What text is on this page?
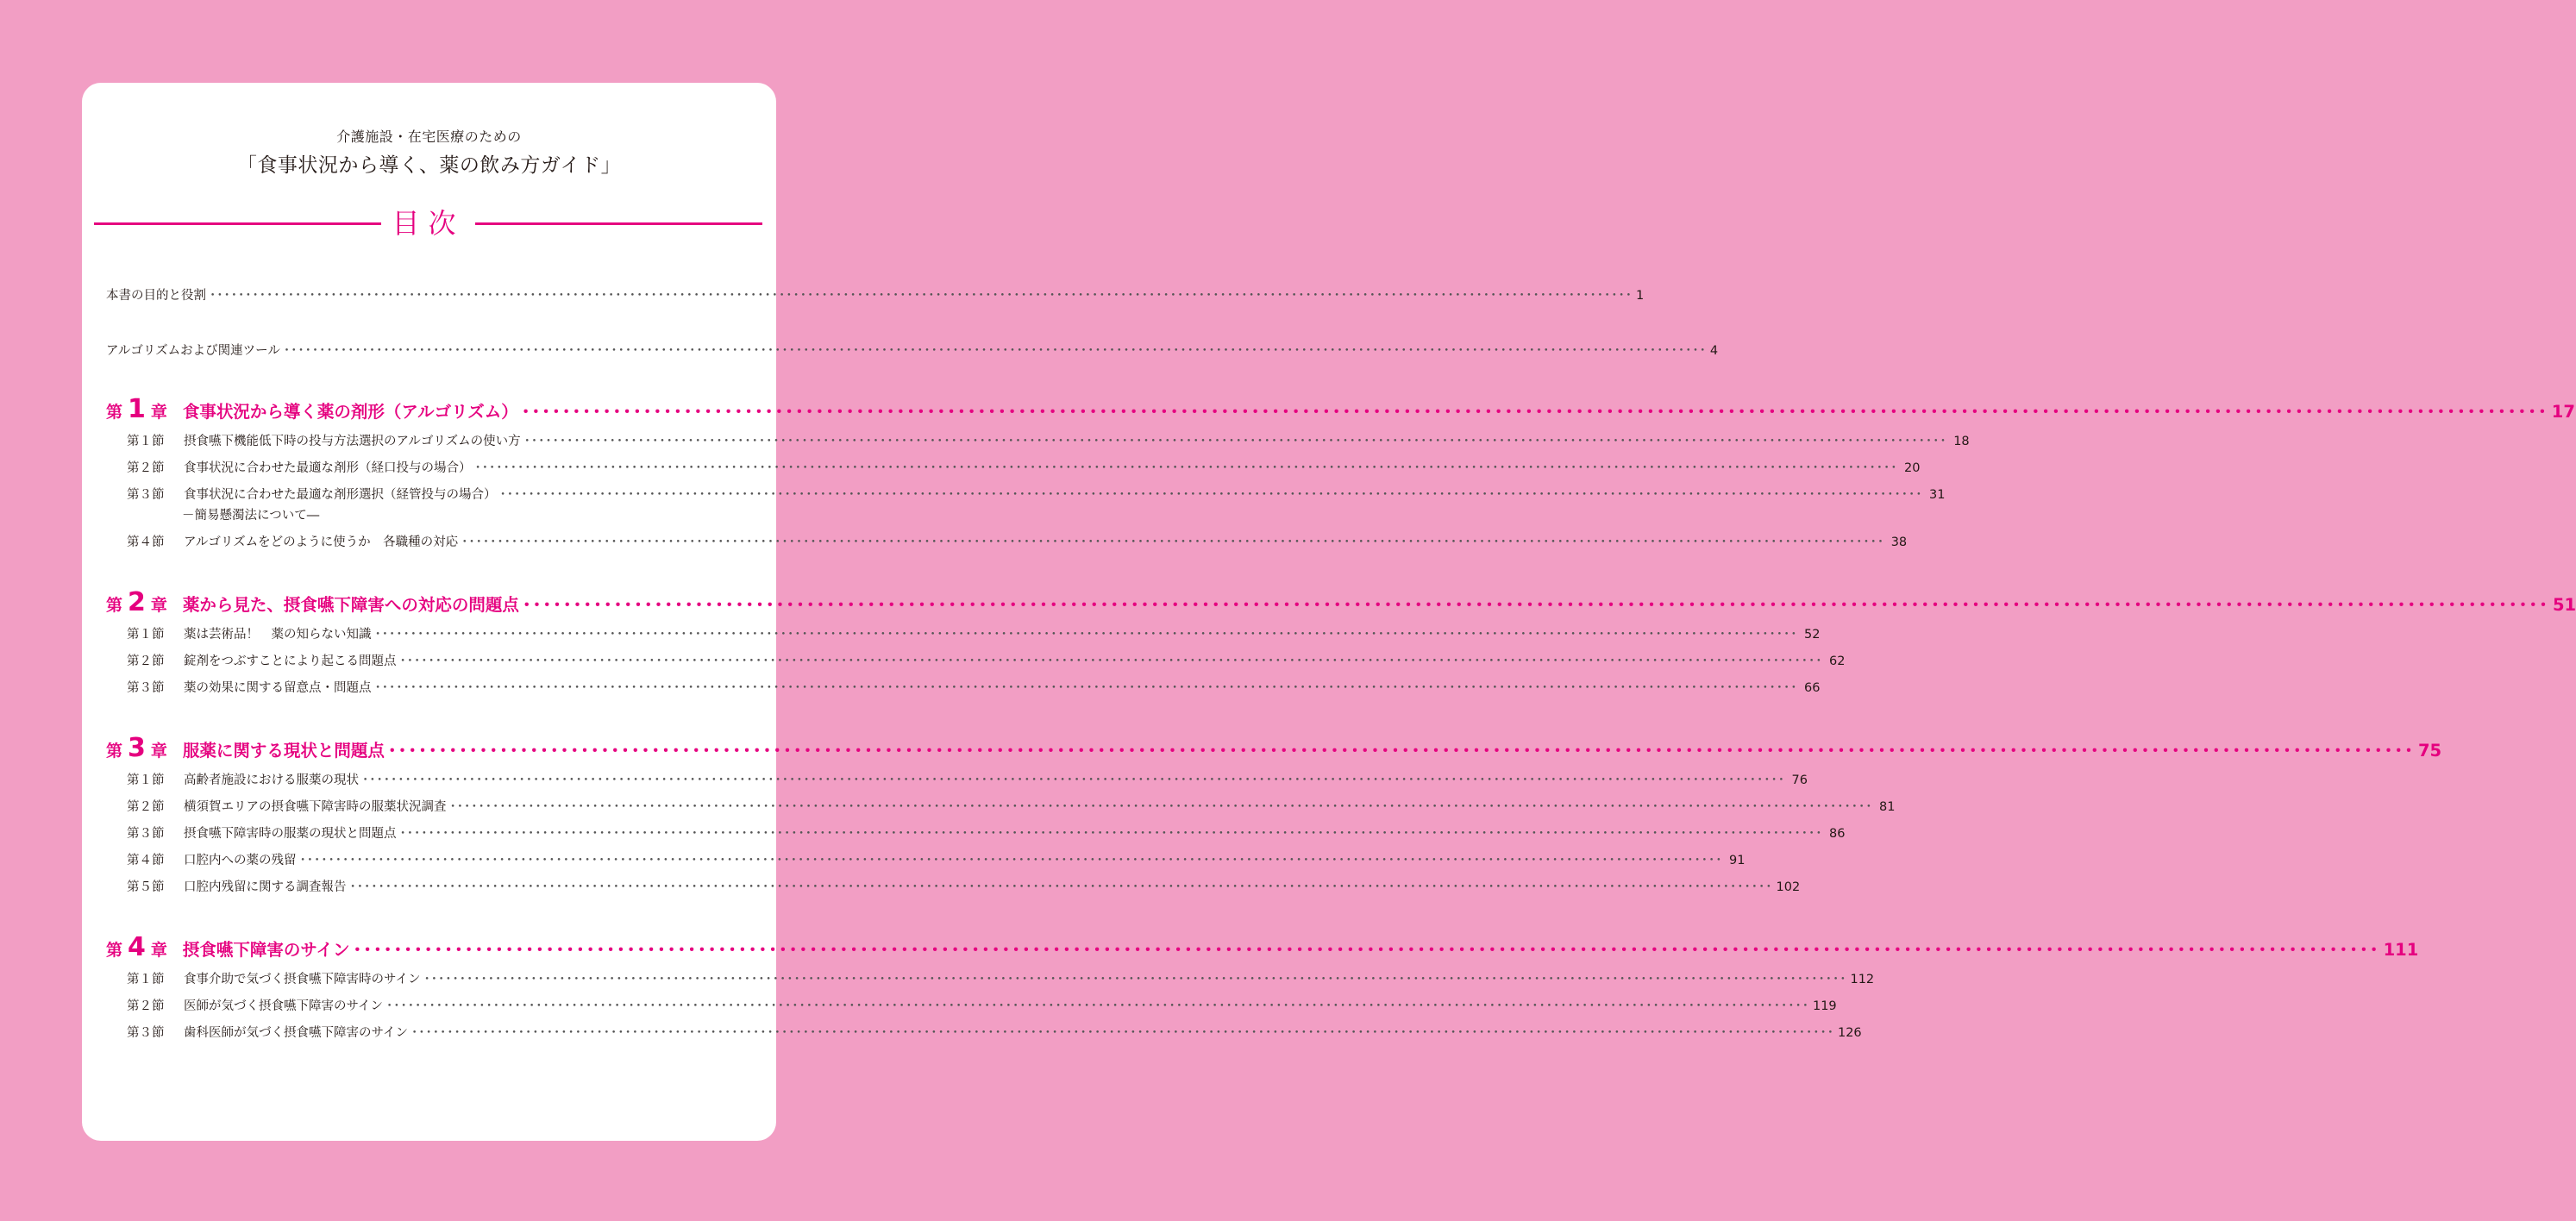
介護施設・在宅医療のための
「食事状況から導く、薬の飲み方ガイド」
目次
本書の目的と役割 ････････････････････････････････････････････････････････････････････････････････････････････････････････････････････････････････････････････････････････････････････････････････････････････････････････ 1
アルゴリズムおよび関連ツール ････････････････････････････････････････････････････････････････････････････････････････････････････････････････････････････････････････････････････････････････････････････････････････････････････････ 4
第 1 章 食事状況から導く薬の剤形（アルゴリズム） ････････････････････････････････････････････････････････････････････････････････････････････････････････････････････････････････････････････････････････････････････････････････････････････････････････ 17
第１節 摂食嚥下機能低下時の投与方法選択のアルゴリズムの使い方 ････････････････････････････････････････････････････････････････････････････････････････････････････････････････････････････････････････････････････････････････････････････････････････････････････････ 18
第２節 食事状況に合わせた最適な剤形（経口投与の場合） ････････････････････････････････････････････････････････････････････････････････････････････････････････････････････････････････････････････････････････････････････････････････････････････････････････ 20
第３節 食事状況に合わせた最適な剤形選択（経管投与の場合） ････････････････････････････････････････････････････････････････････････････････････････････････････････････････････････････････････････････････････････････････････････････････････････････････････････ 31
－簡易懸濁法について―
第４節 アルゴリズムをどのように使うか　各職種の対応 ････････････････････････････････････････････････････････････････････････････････････････････････････････････････････････････････････････････････････････････････････････････････････････････････････････ 38
第 2 章 薬から見た、摂食嚥下障害への対応の問題点 ････････････････････････････････････････････････････････････････････････････････････････････････････････････････････････････････････････････････････････････････････････････････････････････････････････ 51
第１節 薬は芸術品！　薬の知らない知識 ････････････････････････････････････････････････････････････････････････････････････････････････････････････････････････････････････････････････････････････････････････････････････････････････････････ 52
第２節 錠剤をつぶすことにより起こる問題点 ････････････････････････････････････････････････････････････････････････････････････････････････････････････････････････････････････････････････････････････････････････････････････････････････････････ 62
第３節 薬の効果に関する留意点・問題点 ････････････････････････････････････････････････････････････････････････････････････････････････････････････････････････････････････････････････････････････････････････････････････････････････････････ 66
第 3 章 服薬に関する現状と問題点 ････････････････････････････････････････････････････････････････････････････････････････････････････････････････････････････････････････････････････････････････････････････････････････････････････････ 75
第１節 高齢者施設における服薬の現状 ････････････････････････････････････････････････････････････････････････････････････････････････････････････････････････････････････････････････････････････････････････････････････････････････････････ 76
第２節 横須賀エリアの摂食嚥下障害時の服薬状況調査 ････････････････････････････････････････････････････････････････････････････････････････････････････････････････････････････････････････････････････････････････････････････････････････････････････････ 81
第３節 摂食嚥下障害時の服薬の現状と問題点 ････････････････････････････････････････････････････････････････････････････････････････････････････････････････････････････････････････････････････････････････････････････････････････････････････････ 86
第４節 口腔内への薬の残留 ････････････････････････････････････････････････････････････････････････････････････････････････････････････････････････････････････････････････････････････････････････････････････････････････････････ 91
第５節 口腔内残留に関する調査報告 ････････････････････････････････････････････････････････････････････････････････････････････････････････････････････････････････････････････････････････････････････････････････････････････････････････ 102
第 4 章 摂食嚥下障害のサイン ････････････････････････････････････････････････････････････････････････････････････････････････････････････････････････････････････････････････････････････････････････････････････････････････････････ 111
第１節 食事介助で気づく摂食嚥下障害時のサイン ････････････････････････････････････････････････････････････････････････････････････････････････････････････････････････････････････････････････････････････････････････････････････････････････････････ 112
第２節 医師が気づく摂食嚥下障害のサイン ････････････････････････････････････････････････････････････････････････････････････････････････････････････････････････････････････････････････････････････････････････････････････････････････････････ 119
第３節 歯科医師が気づく摂食嚥下障害のサイン ････････････････････････････････････････････････････････････････････････････････････････････････････････････････････････････････････････････････････････････････････････････････････････････････････････ 126
